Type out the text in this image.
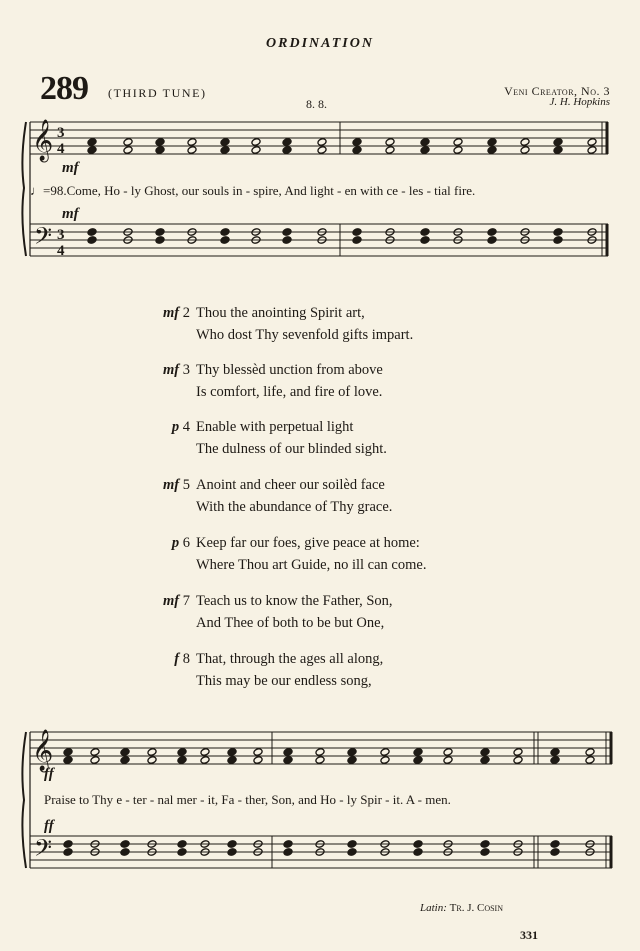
ORDINATION
289 (THIRD TUNE)
8. 8.
Veni Creator, No. 3
J. H. Hopkins
𝄞
𝄢
3
4
3
4
mf
♩=98.Come, Ho - ly Ghost, our souls in - spire, And light - en with ce - les - tial fire.
mf
mf 2 Thou the anointing Spirit art,
Who dost Thy sevenfold gifts impart.
mf 3 Thy blessèd unction from above
Is comfort, life, and fire of love.
p 4 Enable with perpetual light
The dulness of our blinded sight.
mf 5 Anoint and cheer our soilèd face
With the abundance of Thy grace.
p 6 Keep far our foes, give peace at home:
Where Thou art Guide, no ill can come.
mf 7 Teach us to know the Father, Son,
And Thee of both to be but One,
f 8 That, through the ages all along,
This may be our endless song,
𝄞
𝄢
ff
Praise to Thy e - ter - nal mer - it, Fa - ther, Son, and Ho - ly Spir - it. A - men.
ff
Latin: Tr. J. Cosin
331
